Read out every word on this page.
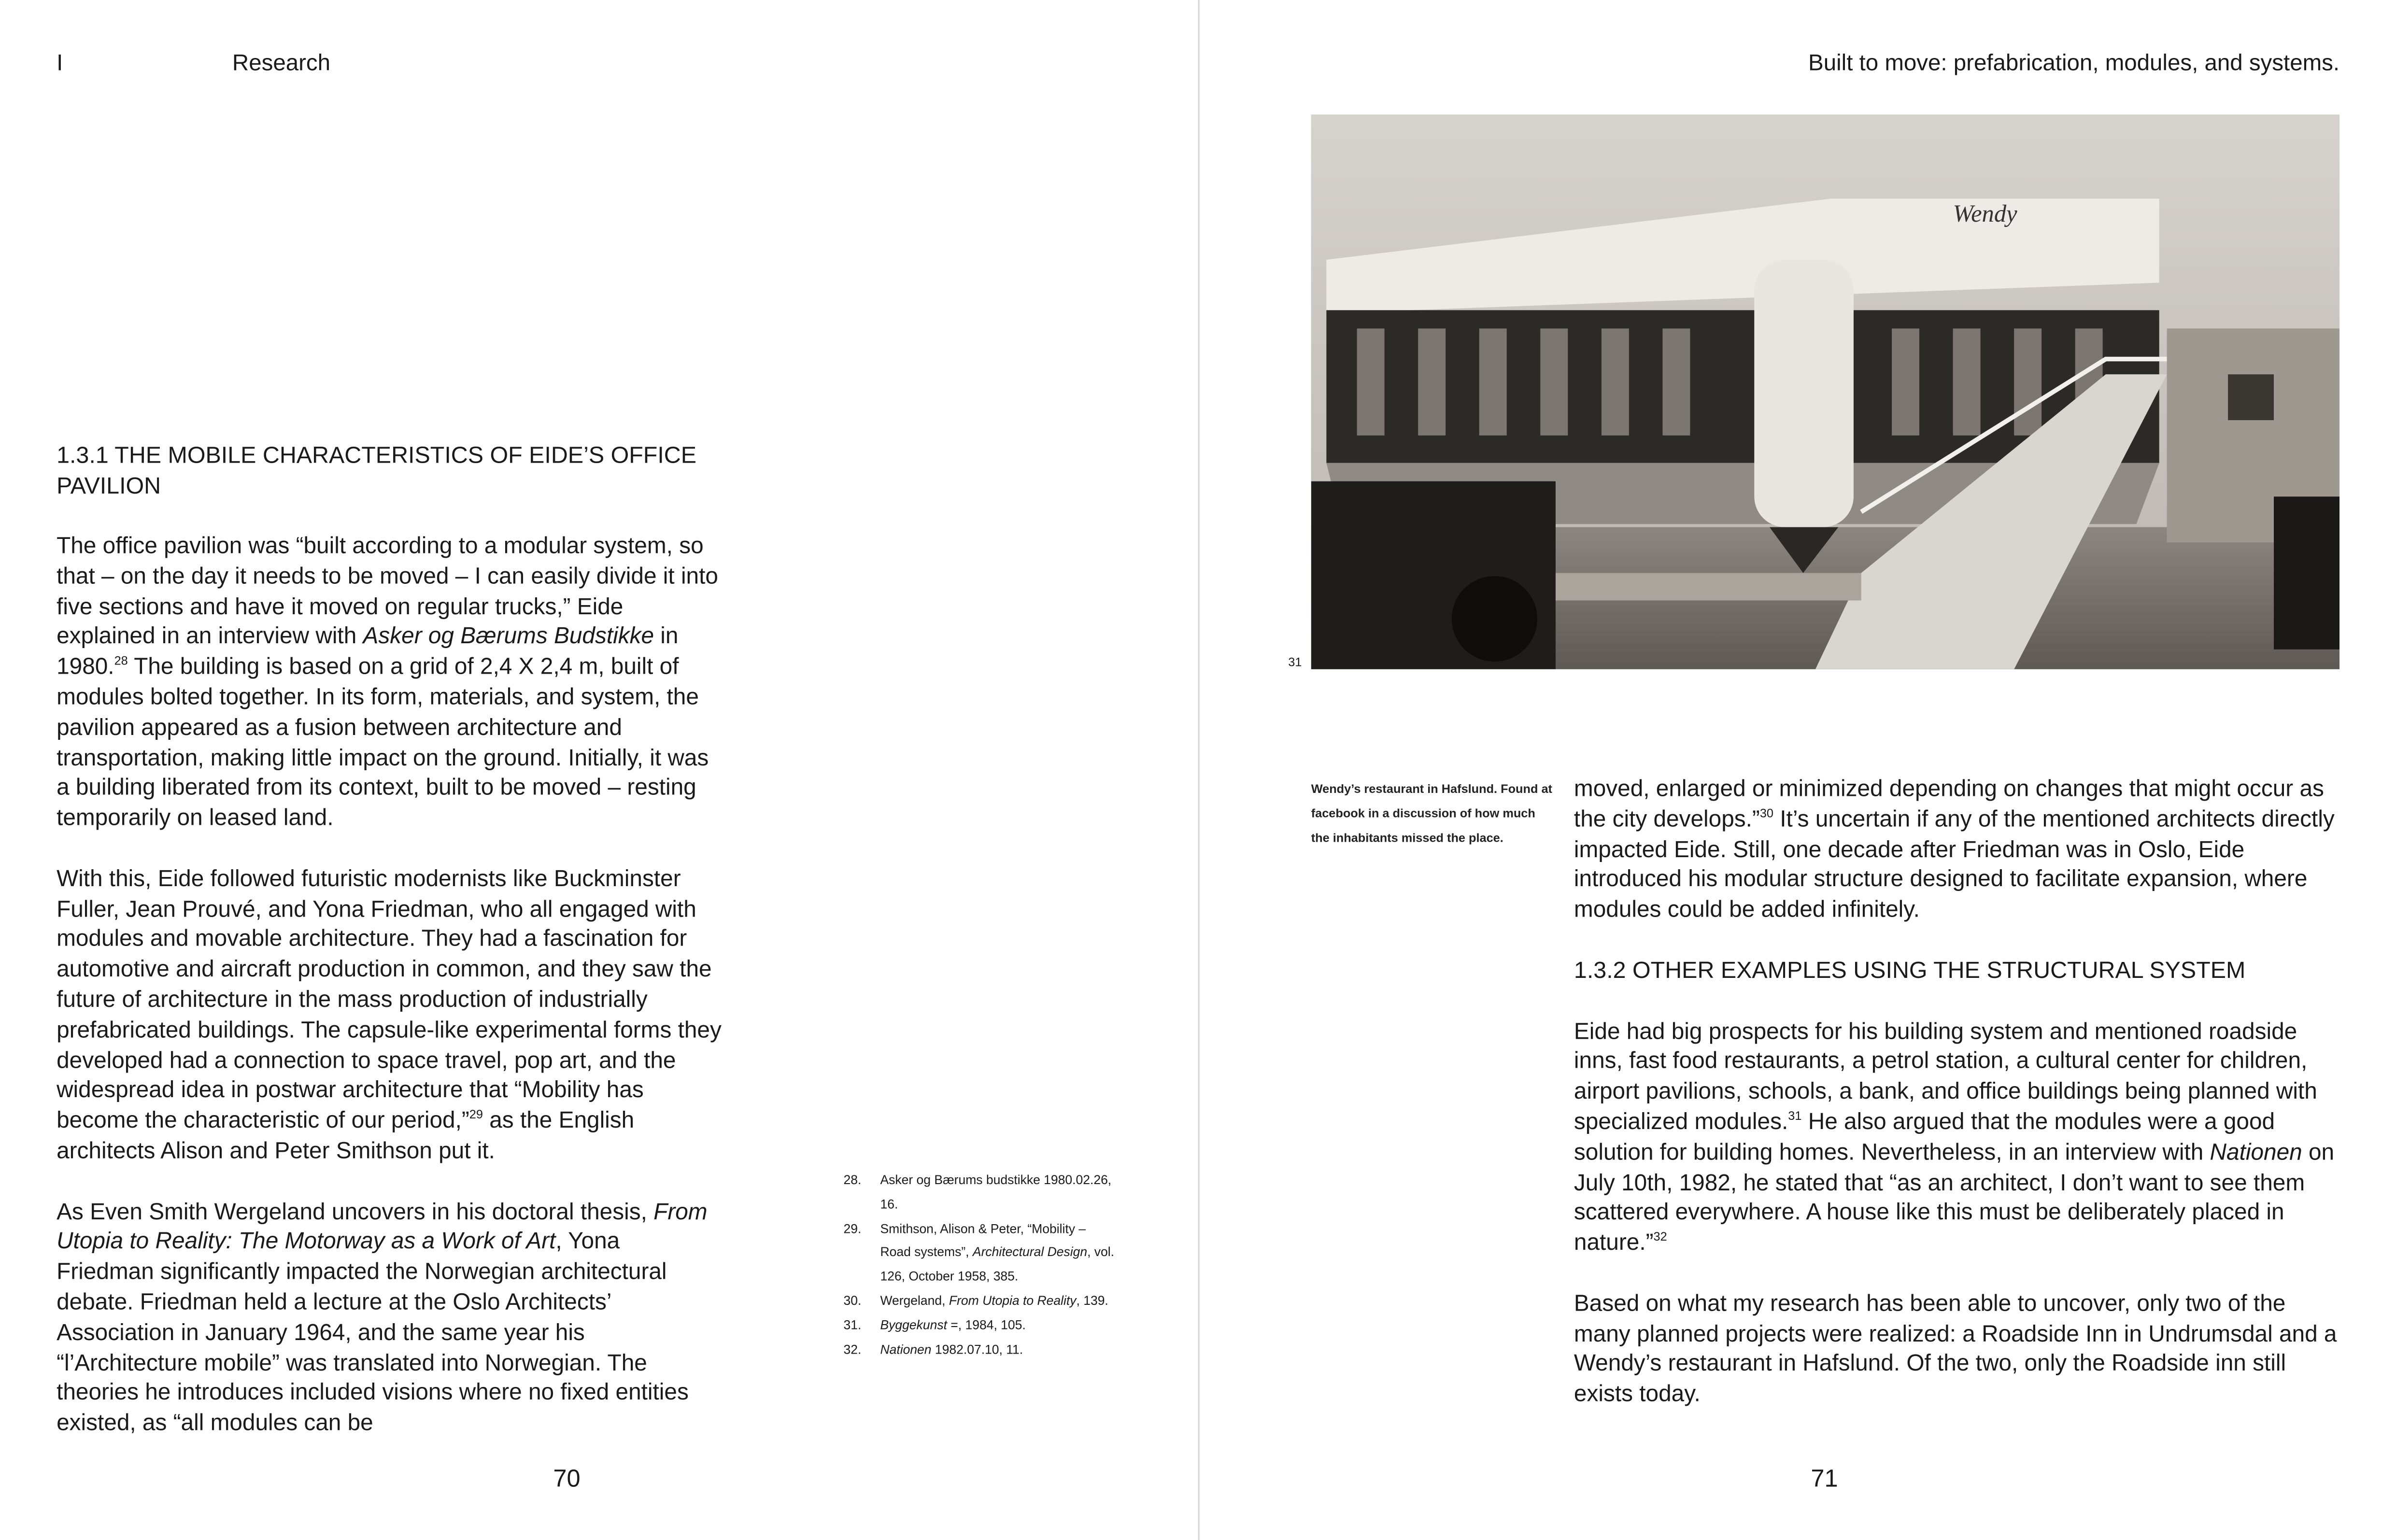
I	Research
1.3.1 THE MOBILE CHARACTERISTICS OF EIDE’S OFFICE PAVILION

The office pavilion was “built according to a modular system, so that – on the day it needs to be moved – I can easily divide it into five sections and have it moved on regular trucks,” Eide explained in an interview with Asker og Bærums Budstikke in 1980.28 The building is based on a grid of 2,4 X 2,4 m, built of modules bolted together. In its form, materials, and system, the pavilion appeared as a fusion between architecture and transportation, making little impact on the ground. Initially, it was a building liberated from its context, built to be moved – resting temporarily on leased land.

With this, Eide followed futuristic modernists like Buckminster Fuller, Jean Prouvé, and Yona Friedman, who all engaged with modules and movable architecture. They had a fascination for automotive and aircraft production in common, and they saw the future of architecture in the mass production of industrially prefabricated buildings. The capsule-like experimental forms they developed had a connection to space travel, pop art, and the widespread idea in postwar architecture that “Mobility has become the characteristic of our period,”$^{29}$ as the English architects Alison and Peter Smithson put it.

As Even Smith Wergeland uncovers in his doctoral thesis, From Utopia to Reality: The Motorway as a Work of Art, Yona Friedman significantly impacted the Norwegian architectural debate. Friedman held a lecture at the Oslo Architects’ Association in January 1964, and the same year his “l’Architecture mobile” was translated into Norwegian. The theories he introduces included visions where no fixed entities existed, as “all modules can be

28.	Asker og Bærums budstikke 1980.02.26, 16.
29.	Smithson, Alison & Peter, “Mobility – Road systems”, Architectural Design, vol. 126, October 1958, 385.
30.	Wergeland, From Utopia to Reality, 139.
31.	Byggekunst =, 1984, 105.
32.	Nationen 1982.07.10, 11.
70
Built to move: prefabrication, modules, and systems.
Wendy
31
Wendy’s restaurant in Hafslund. Found at facebook in a discussion of how much the inhabitants missed the place.

moved, enlarged or minimized depending on changes that might occur as the city develops.”$^{30}$ It’s uncertain if any of the mentioned architects directly impacted Eide. Still, one decade after Friedman was in Oslo, Eide introduced his modular structure designed to facilitate expansion, where modules could be added infinitely.

1.3.2 OTHER EXAMPLES USING THE STRUCTURAL SYSTEM

Eide had big prospects for his building system and mentioned roadside inns, fast food restaurants, a petrol station, a cultural center for children, airport pavilions, schools, a bank, and office buildings being planned with specialized modules.$^{31}$ He also argued that the modules were a good solution for building homes. Nevertheless, in an interview with Nationen on July 10th, 1982, he stated that “as an architect, I don’t want to see them scattered everywhere. A house like this must be deliberately placed in nature.”$^{32}$

Based on what my research has been able to uncover, only two of the many planned projects were realized: a Roadside Inn in Undrumsdal and a Wendy’s restaurant in Hafslund. Of the two, only the Roadside inn still exists today.

71
